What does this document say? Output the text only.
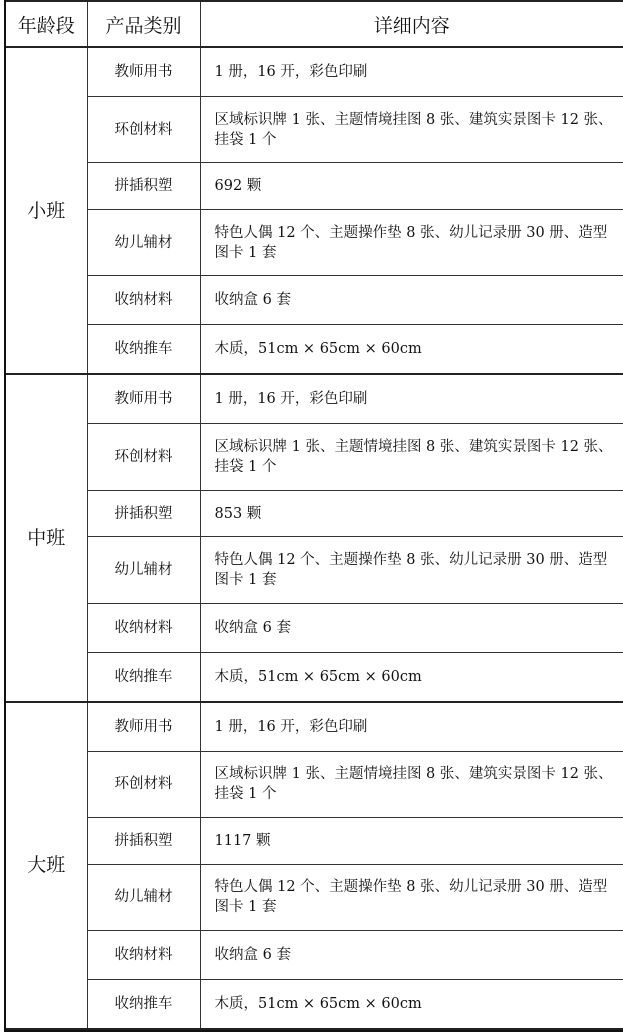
年龄段	产品类别	详细内容
小班	教师用书	1 册，16 开，彩色印刷
	环创材料	区域标识牌 1 张、主题情境挂图 8 张、建筑实景图卡 12 张、挂袋 1 个
	拼插积塑	692 颗
	幼儿辅材	特色人偶 12 个、主题操作垫 8 张、幼儿记录册 30 册、造型图卡 1 套
	收纳材料	收纳盒 6 套
	收纳推车	木质，51cm × 65cm × 60cm
中班	教师用书	1 册，16 开，彩色印刷
	环创材料	区域标识牌 1 张、主题情境挂图 8 张、建筑实景图卡 12 张、挂袋 1 个
	拼插积塑	853 颗
	幼儿辅材	特色人偶 12 个、主题操作垫 8 张、幼儿记录册 30 册、造型图卡 1 套
	收纳材料	收纳盒 6 套
	收纳推车	木质，51cm × 65cm × 60cm
大班	教师用书	1 册，16 开，彩色印刷
	环创材料	区域标识牌 1 张、主题情境挂图 8 张、建筑实景图卡 12 张、挂袋 1 个
	拼插积塑	1117 颗
	幼儿辅材	特色人偶 12 个、主题操作垫 8 张、幼儿记录册 30 册、造型图卡 1 套
	收纳材料	收纳盒 6 套
	收纳推车	木质，51cm × 65cm × 60cm
